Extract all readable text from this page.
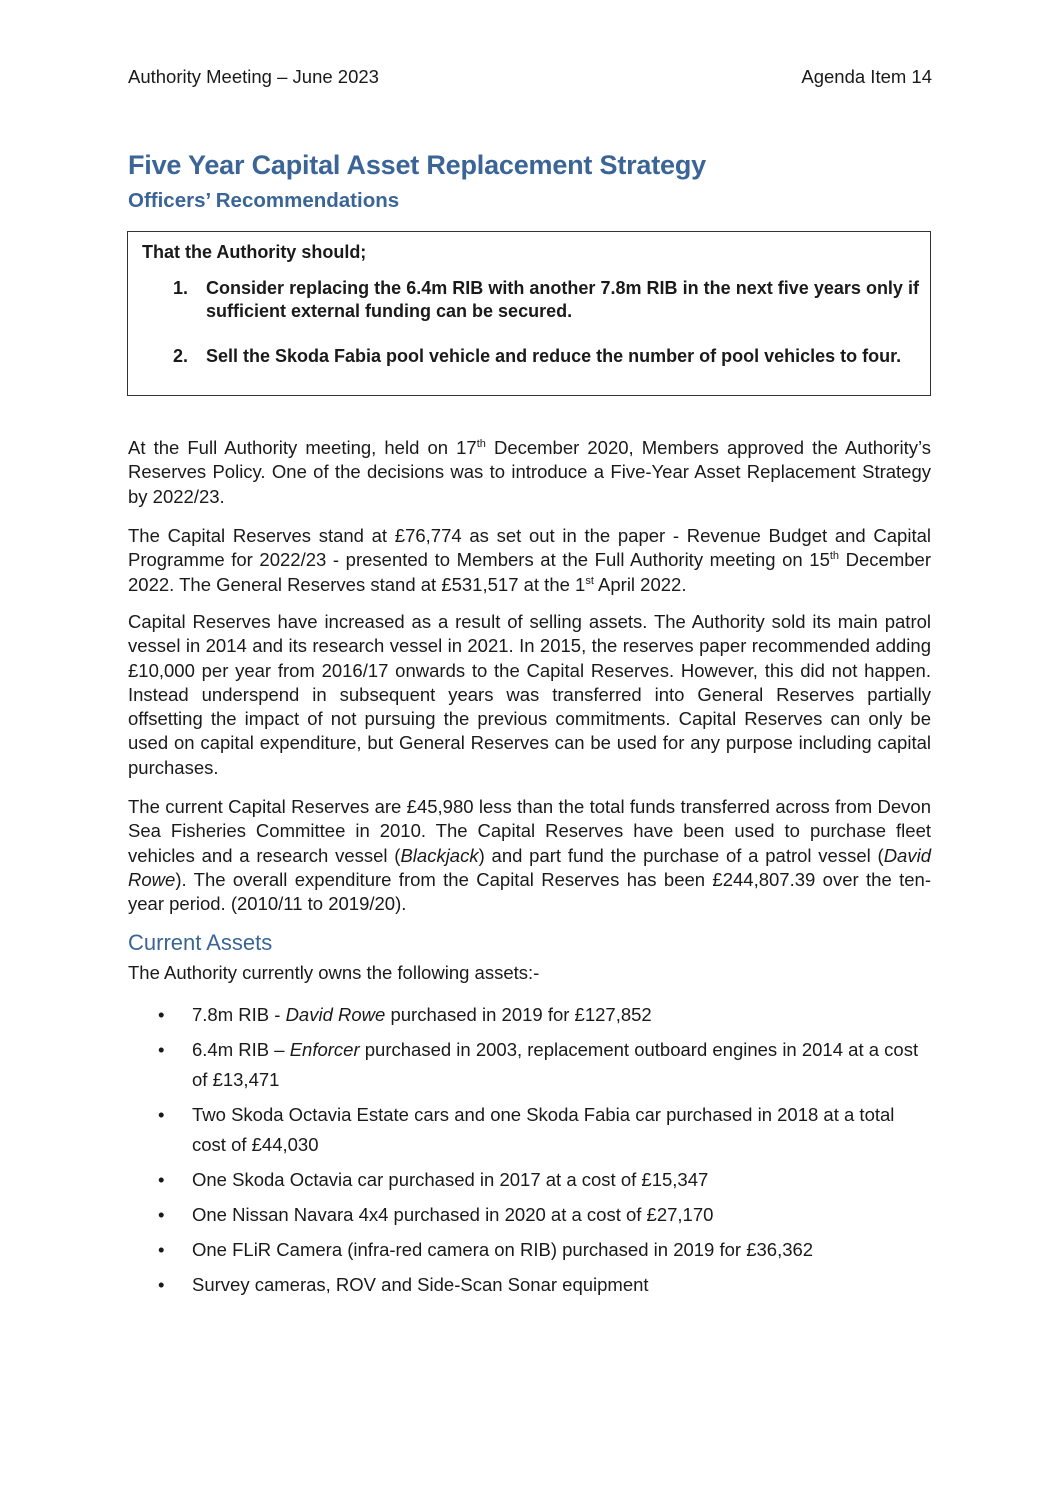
Authority Meeting – June 2023	Agenda Item 14
Five Year Capital Asset Replacement Strategy
Officers’ Recommendations
That the Authority should;
1. Consider replacing the 6.4m RIB with another 7.8m RIB in the next five years only if sufficient external funding can be secured.
2. Sell the Skoda Fabia pool vehicle and reduce the number of pool vehicles to four.

At the Full Authority meeting, held on 17th December 2020, Members approved the Authority’s Reserves Policy. One of the decisions was to introduce a Five-Year Asset Replacement Strategy by 2022/23.

The Capital Reserves stand at £76,774 as set out in the paper - Revenue Budget and Capital Programme for 2022/23 - presented to Members at the Full Authority meeting on 15th December 2022. The General Reserves stand at £531,517 at the 1st April 2022.

Capital Reserves have increased as a result of selling assets. The Authority sold its main patrol vessel in 2014 and its research vessel in 2021. In 2015, the reserves paper recommended adding £10,000 per year from 2016/17 onwards to the Capital Reserves. However, this did not happen. Instead underspend in subsequent years was transferred into General Reserves partially offsetting the impact of not pursuing the previous commitments. Capital Reserves can only be used on capital expenditure, but General Reserves can be used for any purpose including capital purchases.

The current Capital Reserves are £45,980 less than the total funds transferred across from Devon Sea Fisheries Committee in 2010. The Capital Reserves have been used to purchase fleet vehicles and a research vessel (Blackjack) and part fund the purchase of a patrol vessel (David Rowe). The overall expenditure from the Capital Reserves has been £244,807.39 over the ten-year period. (2010/11 to 2019/20).

Current Assets
The Authority currently owns the following assets:-
• 7.8m RIB - David Rowe purchased in 2019 for £127,852
• 6.4m RIB – Enforcer purchased in 2003, replacement outboard engines in 2014 at a cost of £13,471
• Two Skoda Octavia Estate cars and one Skoda Fabia car purchased in 2018 at a total cost of £44,030
• One Skoda Octavia car purchased in 2017 at a cost of £15,347
• One Nissan Navara 4x4 purchased in 2020 at a cost of £27,170
• One FLiR Camera (infra-red camera on RIB) purchased in 2019 for £36,362
• Survey cameras, ROV and Side-Scan Sonar equipment
